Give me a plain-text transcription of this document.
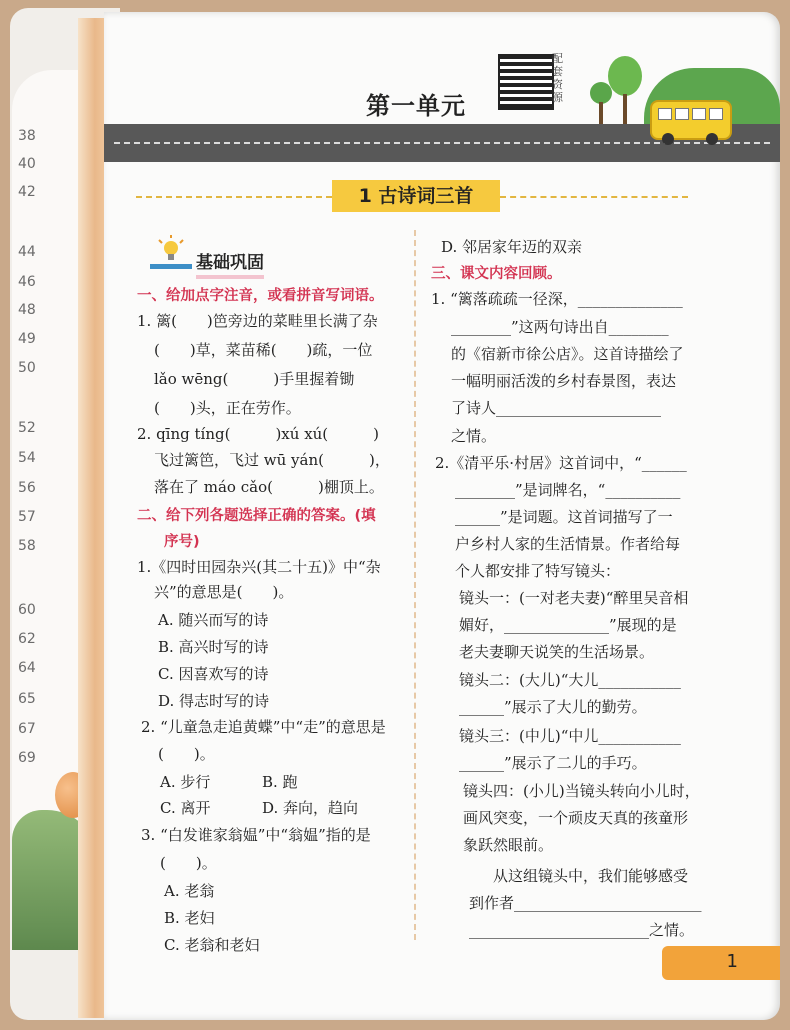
38
40
42
44
46
48
49
50
52
54
56
57
58
60
62
64
65
67
69
配套资源
第一单元
1 古诗词三首
基础巩固
一、给加点字注音，或看拼音写词语。
1. 篱(　　)笆旁边的菜畦里长满了杂
(　　)草，菜苗稀(　　)疏，一位
lǎo wēng(　　　)手里握着锄
(　　)头，正在劳作。
2. qīng tíng(　　　)xú xú(　　　)
飞过篱笆，飞过 wū yán(　　　)，
落在了 máo cǎo(　　　)棚顶上。
二、给下列各题选择正确的答案。(填
序号)
1.《四时田园杂兴(其二十五)》中“杂
兴”的意思是(　　)。
A. 随兴而写的诗
B. 高兴时写的诗
C. 因喜欢写的诗
D. 得志时写的诗
2. “儿童急走追黄蝶”中“走”的意思是
(　　)。
A. 步行	B. 跑
C. 离开	D. 奔向，趋向
3. “白发谁家翁媪”中“翁媪”指的是
(　　)。
A. 老翁
B. 老妇
C. 老翁和老妇
D. 邻居家年迈的双亲
三、课文内容回顾。
1. “篱落疏疏一径深，______________
________”这两句诗出自________
的《宿新市徐公店》。这首诗描绘了
一幅明丽活泼的乡村春景图，表达
了诗人______________________
之情。
2.《清平乐·村居》这首词中，“______
________”是词牌名，“__________
______”是词题。这首词描写了一
户乡村人家的生活情景。作者给每
个人都安排了特写镜头：
镜头一：(一对老夫妻)“醉里吴音相
媚好，______________”展现的是
老夫妻聊天说笑的生活场景。
镜头二：(大儿)“大儿___________
______”展示了大儿的勤劳。
镜头三：(中儿)“中儿___________
______”展示了二儿的手巧。
镜头四：(小儿)当镜头转向小儿时，
画风突变，一个顽皮天真的孩童形
象跃然眼前。
　　从这组镜头中，我们能够感受
到作者_________________________
________________________之情。
1
